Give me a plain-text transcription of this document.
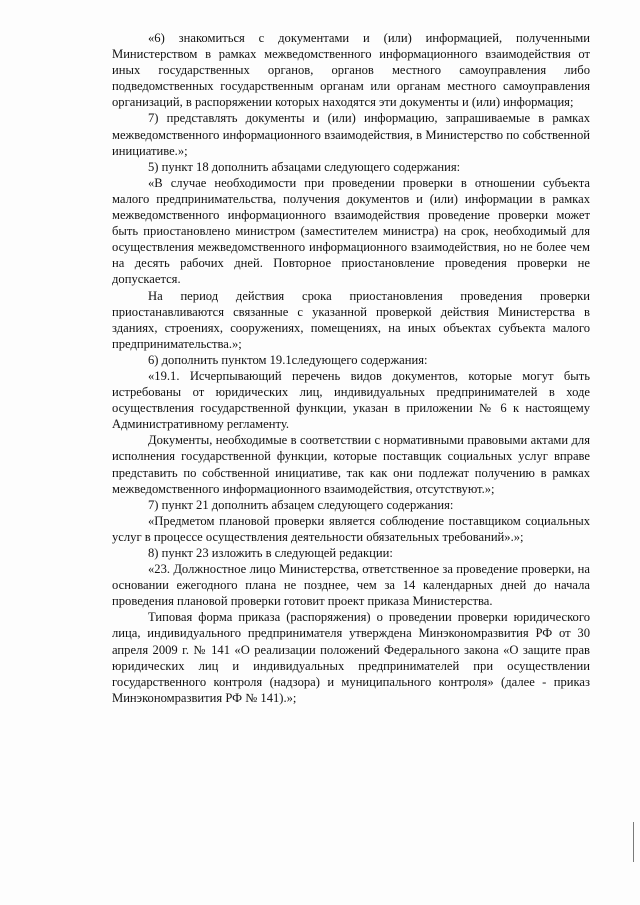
«6) знакомиться с документами и (или) информацией, полученными Министерством в рамках межведомственного информационного взаимодействия от иных государственных органов, органов местного самоуправления либо подведомственных государственным органам или органам местного самоуправления организаций, в распоряжении которых находятся эти документы и (или) информация;

7) представлять документы и (или) информацию, запрашиваемые в рамках межведомственного информационного взаимодействия, в Министерство по собственной инициативе.»;

5) пункт 18 дополнить абзацами следующего содержания:

«В случае необходимости при проведении проверки в отношении субъекта малого предпринимательства, получения документов и (или) информации в рамках межведомственного информационного взаимодействия проведение проверки может быть приостановлено министром (заместителем министра) на срок, необходимый для осуществления межведомственного информационного взаимодействия, но не более чем на десять рабочих дней. Повторное приостановление проведения проверки не допускается.

На период действия срока приостановления проведения проверки приостанавливаются связанные с указанной проверкой действия Министерства в зданиях, строениях, сооружениях, помещениях, на иных объектах субъекта малого предпринимательства.»;

6) дополнить пунктом 19.1следующего содержания:

«19.1. Исчерпывающий перечень видов документов, которые могут быть истребованы от юридических лиц, индивидуальных предпринимателей в ходе осуществления государственной функции, указан в приложении № 6 к настоящему Административному регламенту.

Документы, необходимые в соответствии с нормативными правовыми актами для исполнения государственной функции, которые поставщик социальных услуг вправе представить по собственной инициативе, так как они подлежат получению в рамках межведомственного информационного взаимодействия, отсутствуют.»;

7) пункт 21 дополнить абзацем следующего содержания:

«Предметом плановой проверки является соблюдение поставщиком социальных услуг в процессе осуществления деятельности обязательных требований».»;

8) пункт 23 изложить в следующей редакции:

«23. Должностное лицо Министерства, ответственное за проведение проверки, на основании ежегодного плана не позднее, чем за 14 календарных дней до начала проведения плановой проверки готовит проект приказа Министерства.

Типовая форма приказа (распоряжения) о проведении проверки юридического лица, индивидуального предпринимателя утверждена Минэкономразвития РФ от 30 апреля 2009 г. № 141 «О реализации положений Федерального закона «О защите прав юридических лиц и индивидуальных предпринимателей при осуществлении государственного контроля (надзора) и муниципального контроля» (далее - приказ Минэкономразвития РФ № 141).»;
